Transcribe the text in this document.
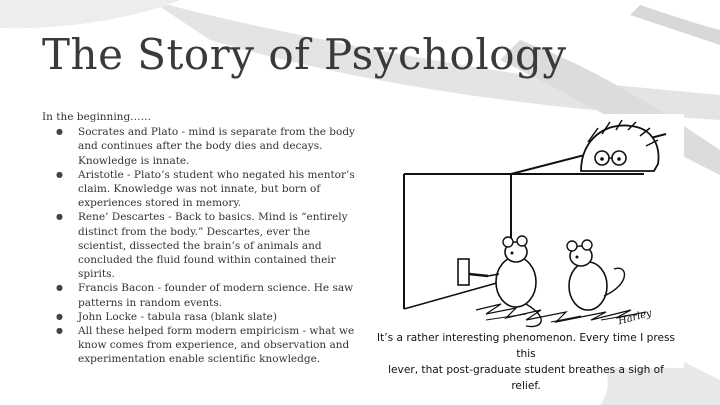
The Story of Psychology

In the beginning……

● Socrates and Plato - mind is separate from the body and continues after the body dies and decays. Knowledge is innate.
● Aristotle - Plato’s student who negated his mentor’s claim. Knowledge was not innate, but born of experiences stored in memory.
● Rene’ Descartes - Back to basics. Mind is “entirely distinct from the body.” Descartes, ever the scientist, dissected the brain’s of animals and concluded the fluid found within contained their spirits.
● Francis Bacon - founder of modern science. He saw patterns in random events.
● John Locke - tabula rasa (blank slate)
● All these helped form modern empiricism - what we know comes from experience, and observation and experimentation enable scientific knowledge.
Harley
It’s a rather interesting phenomenon. Every time I press this
lever, that post-graduate student breathes a sigh of relief.
